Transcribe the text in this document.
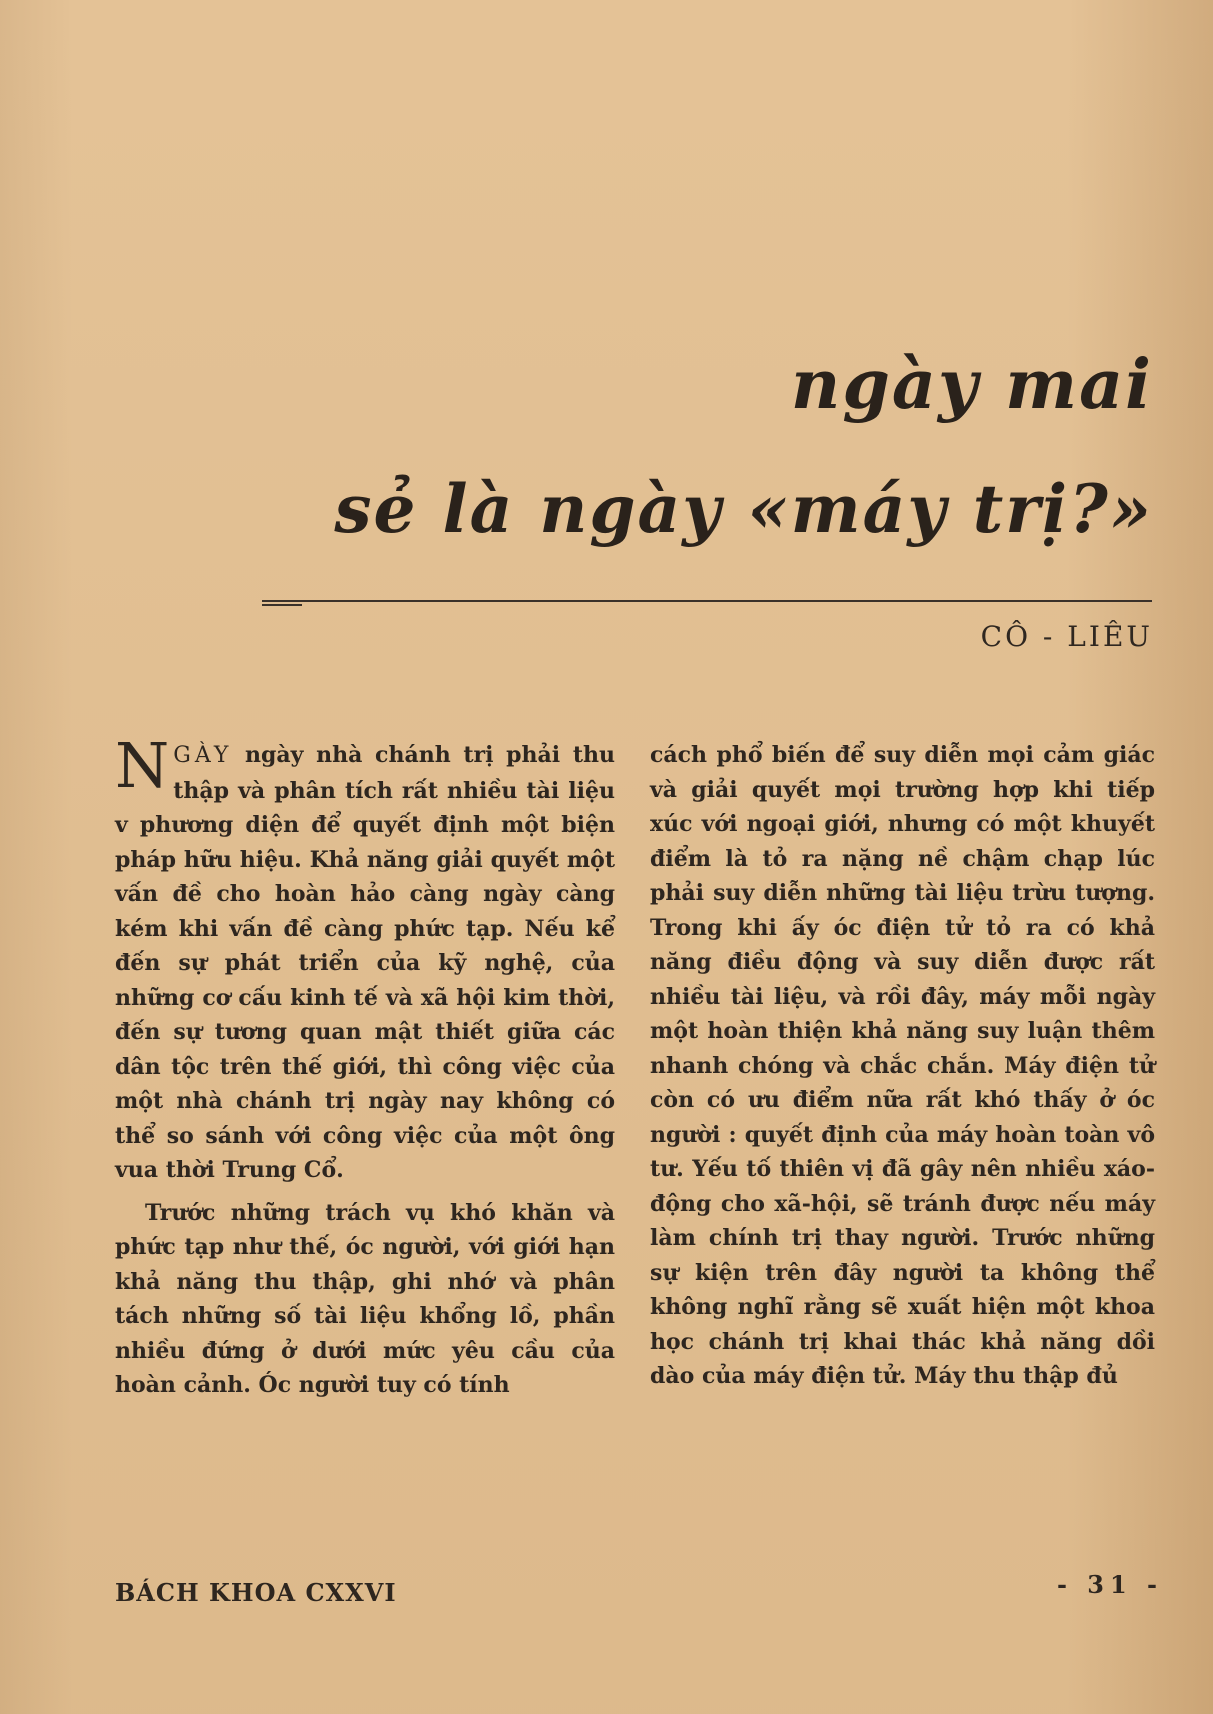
ngày mai
sẻ là ngày «máy trị?»
CÔ - LIÊU

N GÀY ngày nhà chánh trị phải thu thập và phân tích rất nhiều tài liệu v phương diện để quyết định một biện pháp hữu hiệu. Khả năng giải quyết một vấn đề cho hoàn hảo càng ngày càng kém khi vấn đề càng phức tạp. Nếu kể đến sự phát triển của kỹ nghệ, của những cơ cấu kinh tế và xã hội kim thời, đến sự tương quan mật thiết giữa các dân tộc trên thế giới, thì công việc của một nhà chánh trị ngày nay không có thể so sánh với công việc của một ông vua thời Trung Cổ.

Trước những trách vụ khó khăn và phức tạp như thế, óc người, với giới hạn khả năng thu thập, ghi nhớ và phân tách những số tài liệu khổng lồ, phần nhiều đứng ở dưới mức yêu cầu của hoàn cảnh. Óc người tuy có tính

cách phổ biến để suy diễn mọi cảm giác và giải quyết mọi trường hợp khi tiếp xúc với ngoại giới, nhưng có một khuyết điểm là tỏ ra nặng nề chậm chạp lúc phải suy diễn những tài liệu trừu tượng. Trong khi ấy óc điện tử tỏ ra có khả năng điều động và suy diễn được rất nhiều tài liệu, và rồi đây, máy mỗi ngày một hoàn thiện khả năng suy luận thêm nhanh chóng và chắc chắn. Máy điện tử còn có ưu điểm nữa rất khó thấy ở óc người : quyết định của máy hoàn toàn vô tư. Yếu tố thiên vị đã gây nên nhiều xáo-động cho xã-hội, sẽ tránh được nếu máy làm chính trị thay người. Trước những sự kiện trên đây người ta không thể không nghĩ rằng sẽ xuất hiện một khoa học chánh trị khai thác khả năng dồi dào của máy điện tử. Máy thu thập đủ

BÁCH KHOA CXXVI	- 31 -
